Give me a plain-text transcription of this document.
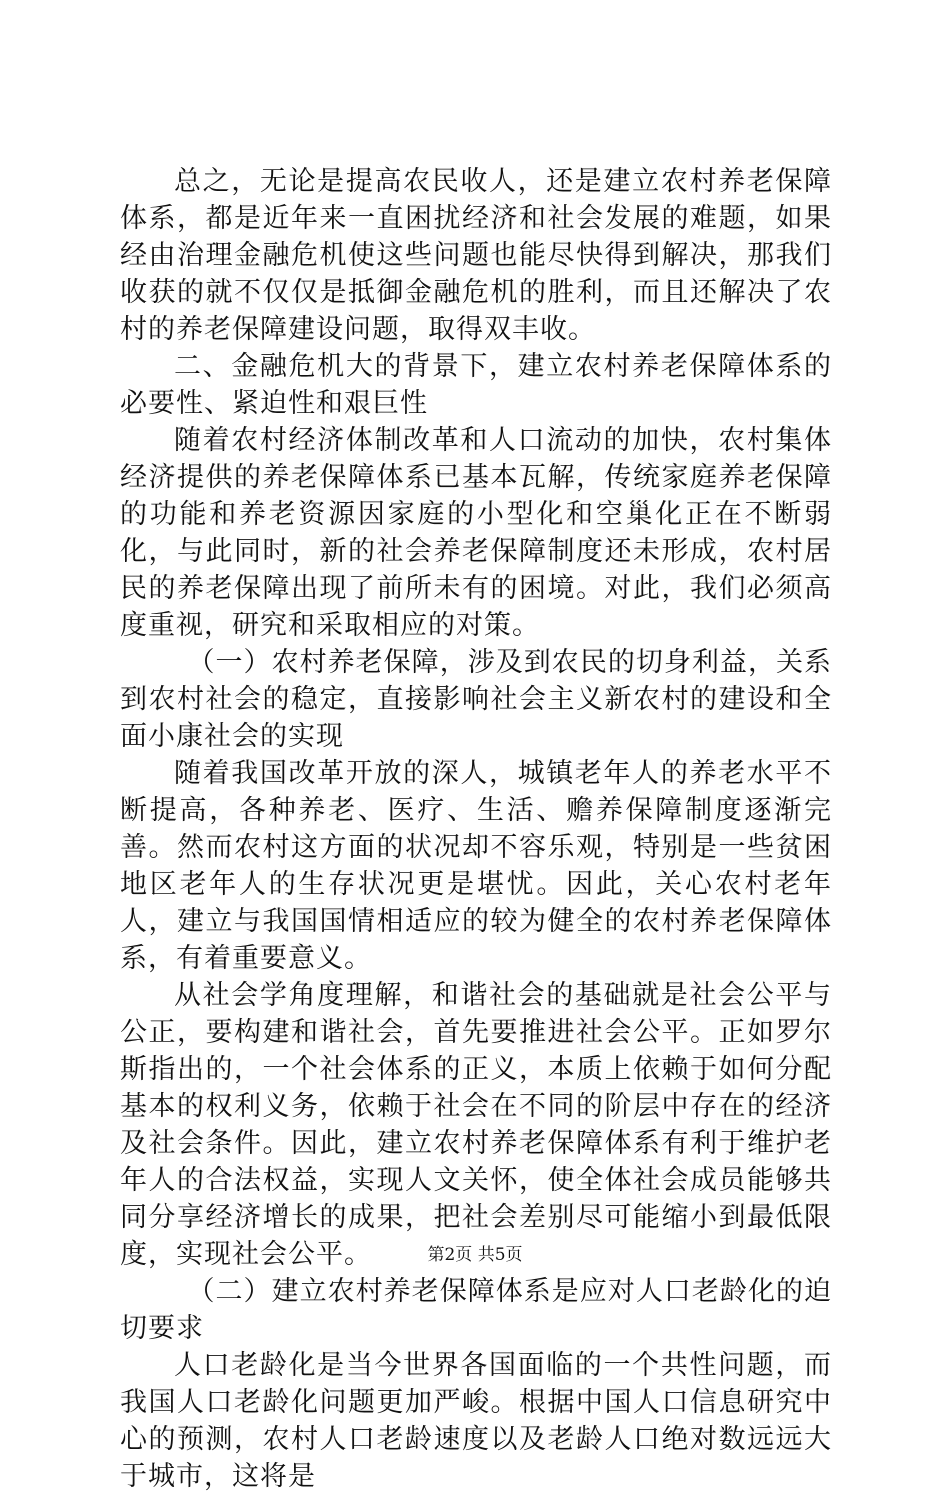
总之，无论是提高农民收人，还是建立农村养老保障体系，都是近年来一直困扰经济和社会发展的难题，如果经由治理金融危机使这些问题也能尽快得到解决，那我们收获的就不仅仅是抵御金融危机的胜利，而且还解决了农村的养老保障建设问题，取得双丰收。

二、金融危机大的背景下，建立农村养老保障体系的必要性、紧迫性和艰巨性

随着农村经济体制改革和人口流动的加快，农村集体经济提供的养老保障体系已基本瓦解，传统家庭养老保障的功能和养老资源因家庭的小型化和空巢化正在不断弱化，与此同时，新的社会养老保障制度还未形成，农村居民的养老保障出现了前所未有的困境。对此，我们必须高度重视，研究和采取相应的对策。

（一）农村养老保障，涉及到农民的切身利益，关系到农村社会的稳定，直接影响社会主义新农村的建设和全面小康社会的实现

随着我国改革开放的深人，城镇老年人的养老水平不断提高，各种养老、医疗、生活、赡养保障制度逐渐完善。然而农村这方面的状况却不容乐观，特别是一些贫困地区老年人的生存状况更是堪忧。因此，关心农村老年人，建立与我国国情相适应的较为健全的农村养老保障体系，有着重要意义。

从社会学角度理解，和谐社会的基础就是社会公平与公正，要构建和谐社会，首先要推进社会公平。正如罗尔斯指出的，一个社会体系的正义，本质上依赖于如何分配基本的权利义务，依赖于社会在不同的阶层中存在的经济及社会条件。因此，建立农村养老保障体系有利于维护老年人的合法权益，实现人文关怀，使全体社会成员能够共同分享经济增长的成果，把社会差别尽可能缩小到最低限度，实现社会公平。

（二）建立农村养老保障体系是应对人口老龄化的迫切要求

人口老龄化是当今世界各国面临的一个共性问题，而我国人口老龄化问题更加严峻。根据中国人口信息研究中心的预测，农村人口老龄速度以及老龄人口绝对数远远大于城市，这将是

第2页 共5页
